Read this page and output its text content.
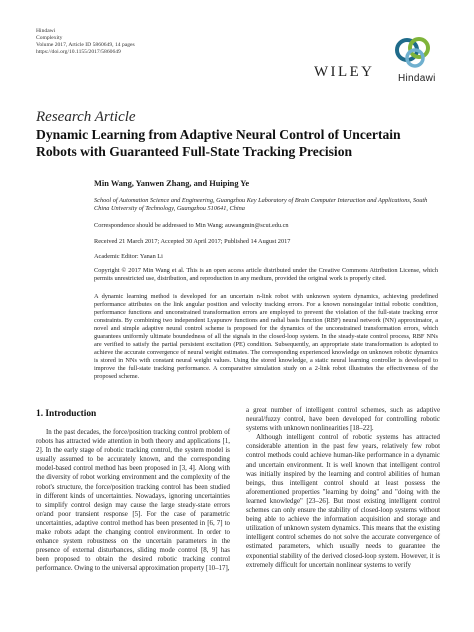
Hindawi
Complexity
Volume 2017, Article ID 5860649, 14 pages
https://doi.org/10.1155/2017/5860649
WILEY Hindawi
Research Article
Dynamic Learning from Adaptive Neural Control of Uncertain Robots with Guaranteed Full-State Tracking Precision
Min Wang, Yanwen Zhang, and Huiping Ye
School of Automation Science and Engineering, Guangzhou Key Laboratory of Brain Computer Interaction and Applications, South China University of Technology, Guangzhou 510641, China
Correspondence should be addressed to Min Wang; auwangmin@scut.edu.cn
Received 21 March 2017; Accepted 30 April 2017; Published 14 August 2017
Academic Editor: Yanan Li
Copyright © 2017 Min Wang et al. This is an open access article distributed under the Creative Commons Attribution License, which permits unrestricted use, distribution, and reproduction in any medium, provided the original work is properly cited.
A dynamic learning method is developed for an uncertain n-link robot with unknown system dynamics, achieving predefined performance attributes on the link angular position and velocity tracking errors. For a known nonsingular initial robotic condition, performance functions and unconstrained transformation errors are employed to prevent the violation of the full-state tracking error constraints. By combining two independent Lyapunov functions and radial basis function (RBF) neural network (NN) approximator, a novel and simple adaptive neural control scheme is proposed for the dynamics of the unconstrained transformation errors, which guarantees uniformly ultimate boundedness of all the signals in the closed-loop system. In the steady-state control process, RBF NNs are verified to satisfy the partial persistent excitation (PE) condition. Subsequently, an appropriate state transformation is adopted to achieve the accurate convergence of neural weight estimates. The corresponding experienced knowledge on unknown robotic dynamics is stored in NNs with constant neural weight values. Using the stored knowledge, a static neural learning controller is developed to improve the full-state tracking performance. A comparative simulation study on a 2-link robot illustrates the effectiveness of the proposed scheme.
1. Introduction

In the past decades, the force/position tracking control problem of robots has attracted wide attention in both theory and applications [1, 2]. In the early stage of robotic tracking control, the system model is usually assumed to be accurately known, and the corresponding model-based control method has been proposed in [3, 4]. Along with the diversity of robot working environment and the complexity of the robot's structure, the force/position tracking control has been studied in different kinds of uncertainties. Nowadays, ignoring uncertainties to simplify control design may cause the large steady-state errors or/and poor transient response [5]. For the case of parametric uncertainties, adaptive control method has been presented in [6, 7] to make robots adapt the changing control environment. In order to enhance system robustness on the uncertain parameters in the presence of external disturbances, sliding mode control [8, 9] has been proposed to obtain the desired robotic tracking control performance. Owing to the universal approximation property [10–17],

a great number of intelligent control schemes, such as adaptive neural/fuzzy control, have been developed for controlling robotic systems with unknown nonlinearities [18–22].

Although intelligent control of robotic systems has attracted considerable attention in the past few years, relatively few robot control methods could achieve human-like performance in a dynamic and uncertain environment. It is well known that intelligent control was initially inspired by the learning and control abilities of human beings, thus intelligent control should at least possess the aforementioned properties "learning by doing" and "doing with the learned knowledge" [23–26]. But most existing intelligent control schemes can only ensure the stability of closed-loop systems without being able to achieve the information acquisition and storage and utilization of unknown system dynamics. This means that the existing intelligent control schemes do not solve the accurate convergence of estimated parameters, which usually needs to guarantee the exponential stability of the derived closed-loop system. However, it is extremely difficult for uncertain nonlinear systems to verify
